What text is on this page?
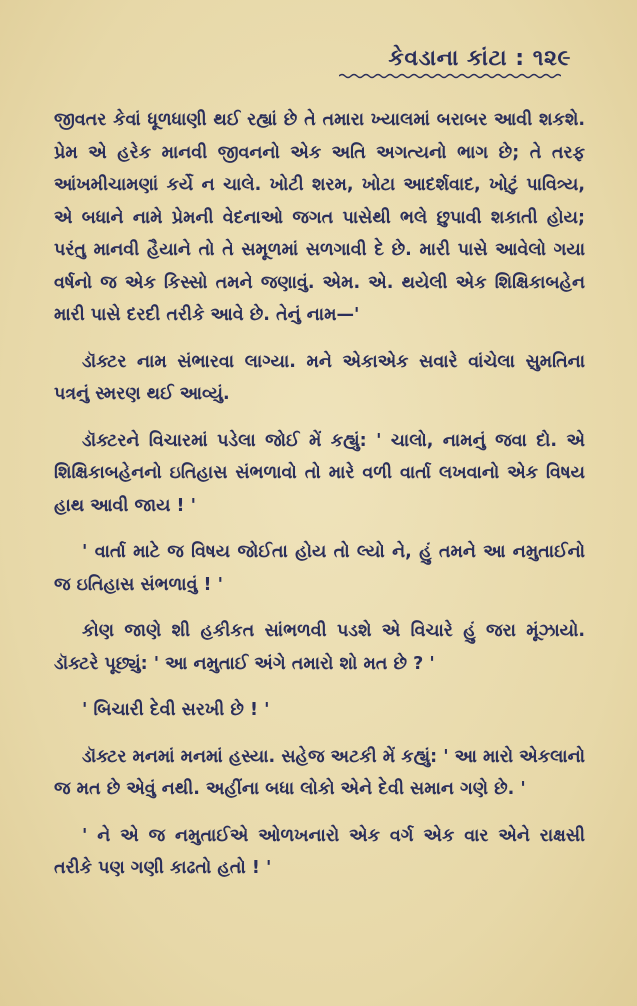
કેવડાના કાંટા : ૧૨૯

જીવતર કેવાં ધૂળધાણી થઈ રહ્યાં છે તે તમારા ખ્યાલમાં બરાબર આવી શકશે. પ્રેમ એ હરેક માનવી જીવનનો એક અતિ અગત્યનો ભાગ છે; તે તરફ આંખમીચામણાં કર્યે ન ચાલે. ખોટી શરમ, ખોટા આદર્શવાદ, ખોટું પાવિત્ર્ય, એ બધાને નામે પ્રેમની વેદનાઓ જગત પાસેથી ભલે છુપાવી શકાતી હોય; પરંતુ માનવી હૈયાને તો તે સમૂળમાં સળગાવી દે છે. મારી પાસે આવેલો ગયા વર્ષનો જ એક કિસ્સો તમને જણાવું. એમ. એ. થયેલી એક શિક્ષિકાબહેન મારી પાસે દરદી તરીકે આવે છે. તેનું નામ—'

ડૉક્ટર નામ સંભારવા લાગ્યા. મને એકાએક સવારે વાંચેલા સુમતિના પત્રનું સ્મરણ થઈ આવ્યું.

ડૉક્ટરને વિચારમાં પડેલા જોઈ મેં કહ્યું: ' ચાલો, નામનું જવા દો. એ શિક્ષિકાબહેનનો ઇતિહાસ સંભળાવો તો મારે વળી વાર્તા લખવાનો એક વિષય હાથ આવી જાય ! '

' વાર્તા માટે જ વિષય જોઈતા હોય તો લ્યો ને, હું તમને આ નમુતાઈનો જ ઇતિહાસ સંભળાવું ! '

કોણ જાણે શી હકીકત સાંભળવી પડશે એ વિચારે હું જરા મૂંઝાયો. ડૉક્ટરે પૂછ્યું: ' આ નમુતાઈ અંગે તમારો શો મત છે ? '

' બિચારી દેવી સરખી છે ! '

ડૉક્ટર મનમાં મનમાં હસ્યા. સહેજ અટકી મેં કહ્યું: ' આ મારો એકલાનો જ મત છે એવું નથી. અહીંના બધા લોકો એને દેવી સમાન ગણે છે. '

' ને એ જ નમુતાઈએ ઓળખનારો એક વર્ગ એક વાર એને રાક્ષસી તરીકે પણ ગણી કાઢતો હતો ! '
